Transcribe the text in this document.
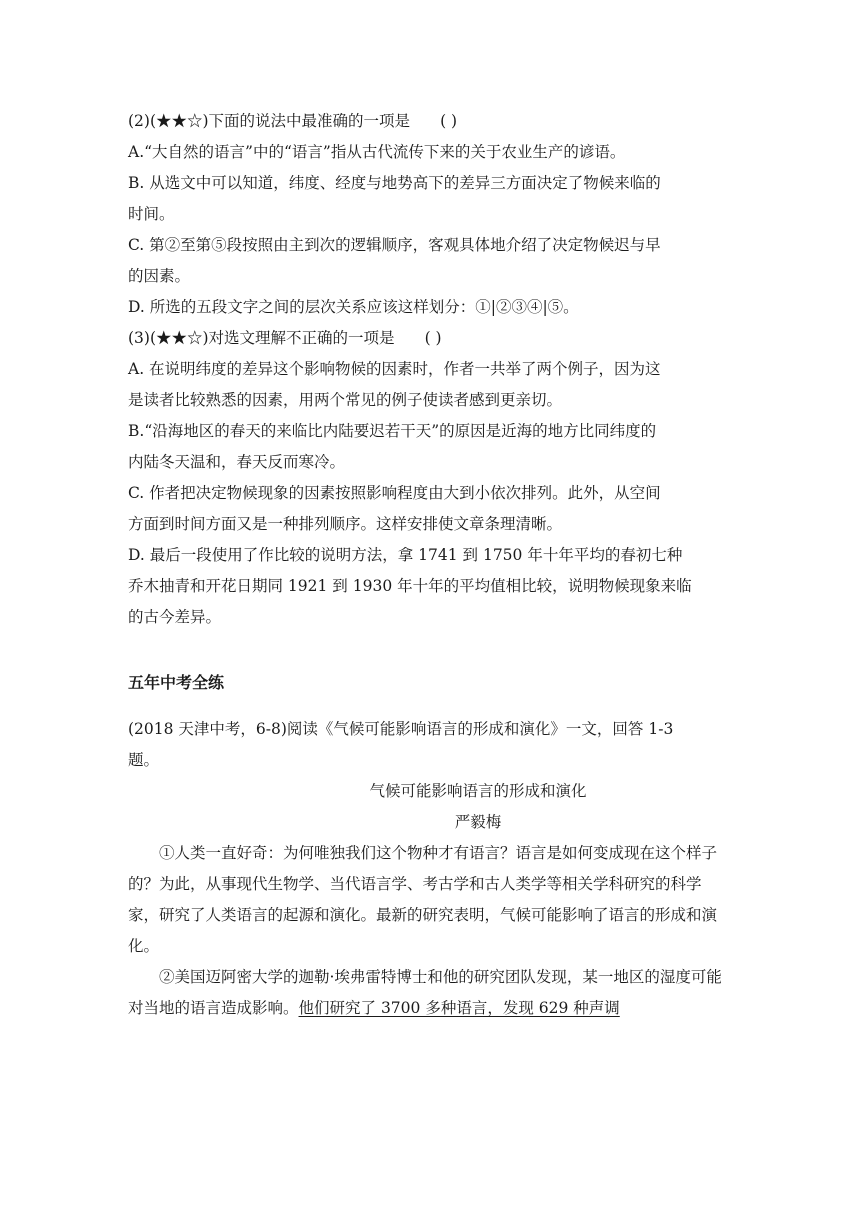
(2)(★★☆)下面的说法中最准确的一项是 ( )

A.“大自然的语言”中的“语言”指从古代流传下来的关于农业生产的谚语。

B. 从选文中可以知道，纬度、经度与地势高下的差异三方面决定了物候来临的

时间。

C. 第②至第⑤段按照由主到次的逻辑顺序，客观具体地介绍了决定物候迟与早

的因素。

D. 所选的五段文字之间的层次关系应该这样划分：①|②③④|⑤。

(3)(★★☆)对选文理解不正确的一项是 ( )

A. 在说明纬度的差异这个影响物候的因素时，作者一共举了两个例子，因为这

是读者比较熟悉的因素，用两个常见的例子使读者感到更亲切。

B.“沿海地区的春天的来临比内陆要迟若干天”的原因是近海的地方比同纬度的

内陆冬天温和，春天反而寒冷。

C. 作者把决定物候现象的因素按照影响程度由大到小依次排列。此外，从空间

方面到时间方面又是一种排列顺序。这样安排使文章条理清晰。

D. 最后一段使用了作比较的说明方法，拿 1741 到 1750 年十年平均的春初七种

乔木抽青和开花日期同 1921 到 1930 年十年的平均值相比较，说明物候现象来临

的古今差异。

五年中考全练

(2018 天津中考，6-8)阅读《气候可能影响语言的形成和演化》一文，回答 1-3

题。

气候可能影响语言的形成和演化

严毅梅

①人类一直好奇：为何唯独我们这个物种才有语言？语言是如何变成现在这个样子的？为此，从事现代生物学、当代语言学、考古学和古人类学等相关学科研究的科学家，研究了人类语言的起源和演化。最新的研究表明，气候可能影响了语言的形成和演化。

②美国迈阿密大学的迦勒·埃弗雷特博士和他的研究团队发现，某一地区的湿度可能对当地的语言造成影响。他们研究了 3700 多种语言，发现 629 种声调
